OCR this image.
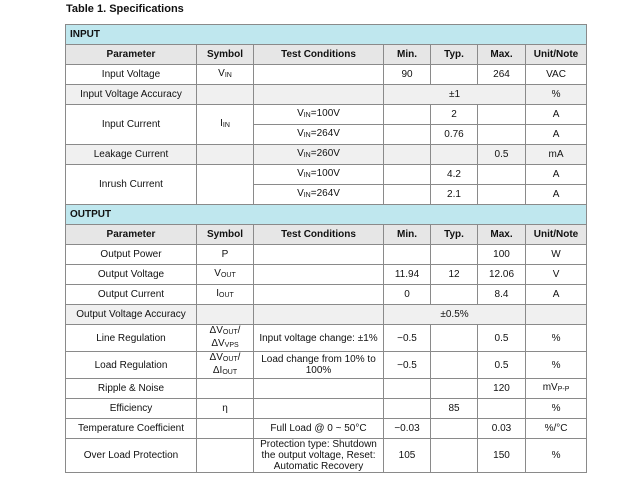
Table 1. Specifications
INPUT						
Parameter	Symbol	Test Conditions	Min.	Typ.	Max.	Unit/Note
Input Voltage	$V_{IN}$		90		264	VAC
Input Voltage Accuracy			±1			%
Input Current	$I_{IN}$	$V_{IN}=100V$		2		A
		$V_{IN}=264V$		0.76		A
Leakage Current		$V_{IN}=260V$			0.5	mA
Inrush Current		$V_{IN}=100V$		4.2		A
		$V_{IN}=264V$		2.1		A
OUTPUT						
Parameter	Symbol	Test Conditions	Min.	Typ.	Max.	Unit/Note
Output Power	P				100	W
Output Voltage	$V_{OUT}$		11.94	12	12.06	V
Output Current	$I_{OUT}$		0		8.4	A
Output Voltage Accuracy			±0.5%			
Line Regulation	$\Delta V_{OUT}/\Delta V_{VPS}$	Input voltage change: ±1%	−0.5		0.5	%
Load Regulation	$\Delta V_{OUT}/\Delta I_{OUT}$	Load change from 10% to 100%	−0.5		0.5	%
Ripple & Noise					120	$mV_{P-P}$
Efficiency	η			85		%
Temperature Coefficient		Full Load @ 0 ~ 50°C	−0.03		0.03	%/°C
Over Load Protection		Protection type: Shutdown the output voltage, Reset: Automatic Recovery	105		150	%
